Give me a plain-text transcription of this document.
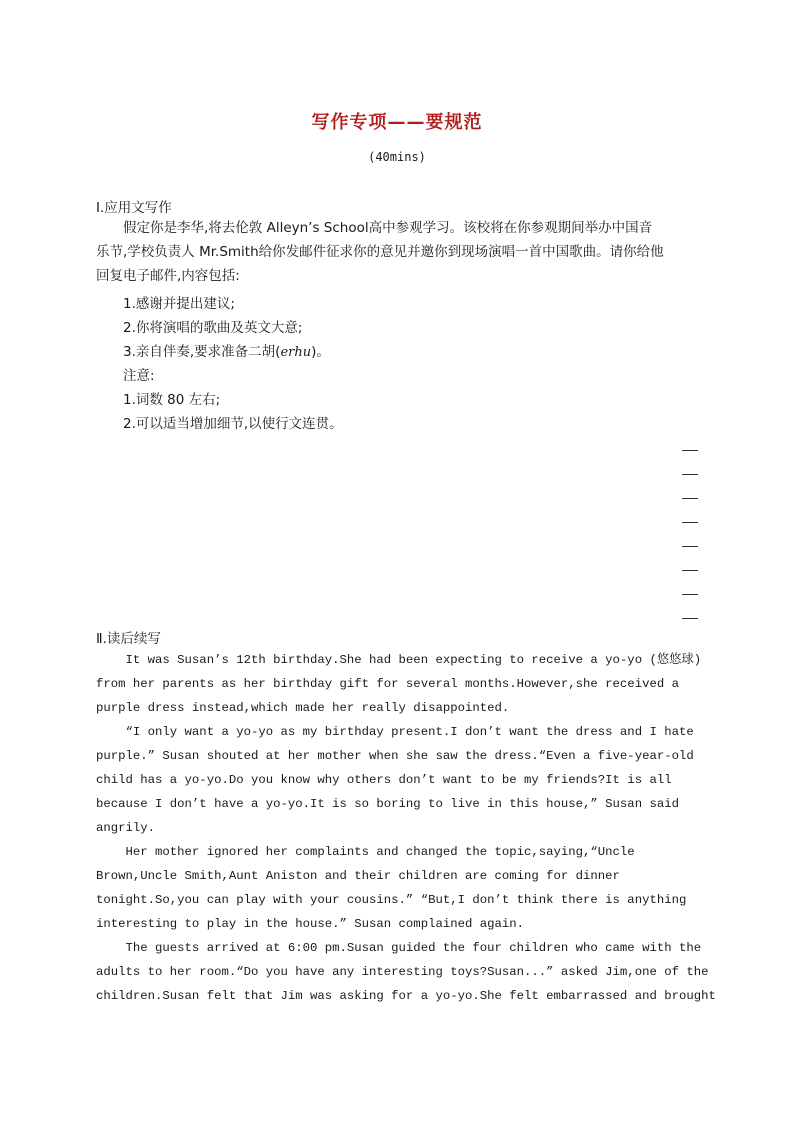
写作专项——要规范
(40mins)
Ⅰ.应用文写作
假定你是李华,将去伦敦 Alleyn’s School高中参观学习。该校将在你参观期间举办中国音
乐节,学校负责人 Mr.Smith给你发邮件征求你的意见并邀你到现场演唱一首中国歌曲。请你给他
回复电子邮件,内容包括:
1.感谢并提出建议;
2.你将演唱的歌曲及英文大意;
3.亲自伴奏,要求准备二胡(erhu)。
注意:
1.词数 80 左右;
2.可以适当增加细节,以使行文连贯。
Ⅱ.读后续写
It was Susan’s 12th birthday.She had been expecting to receive a yo-yo (悠悠球)
from her parents as her birthday gift for several months.However,she received a
purple dress instead,which made her really disappointed.
“I only want a yo-yo as my birthday present.I don’t want the dress and I hate
purple.” Susan shouted at her mother when she saw the dress.“Even a five-year-old
child has a yo-yo.Do you know why others don’t want to be my friends?It is all
because I don’t have a yo-yo.It is so boring to live in this house,” Susan said
angrily.
Her mother ignored her complaints and changed the topic,saying,“Uncle
Brown,Uncle Smith,Aunt Aniston and their children are coming for dinner
tonight.So,you can play with your cousins.” “But,I don’t think there is anything
interesting to play in the house.” Susan complained again.
The guests arrived at 6:00 pm.Susan guided the four children who came with the
adults to her room.“Do you have any interesting toys?Susan...” asked Jim,one of the
children.Susan felt that Jim was asking for a yo-yo.She felt embarrassed and brought
